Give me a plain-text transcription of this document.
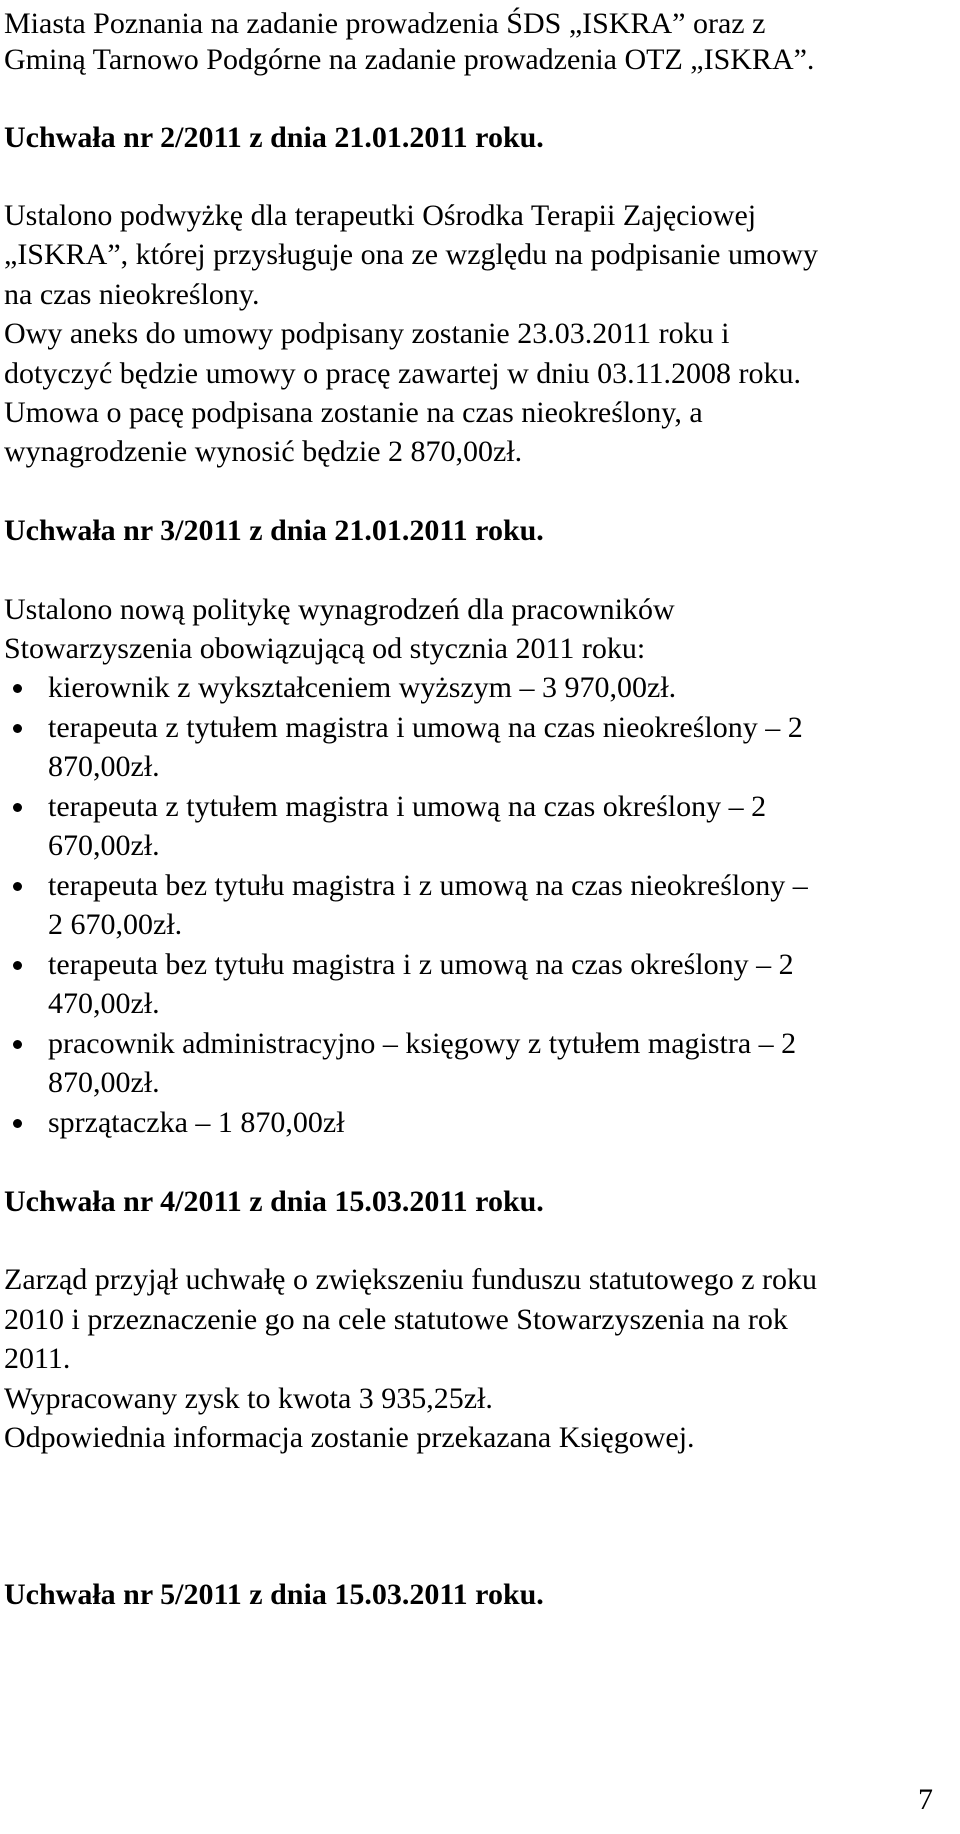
Miasta Poznania na zadanie prowadzenia ŚDS „ISKRA” oraz z

Gminą Tarnowo Podgórne na zadanie prowadzenia OTZ „ISKRA”.

Uchwała nr 2/2011 z dnia 21.01.2011 roku.

Ustalono podwyżkę dla terapeutki Ośrodka Terapii Zajęciowej

„ISKRA”, której przysługuje ona ze względu na podpisanie umowy

na czas nieokreślony.

Owy aneks do umowy podpisany zostanie 23.03.2011 roku i

dotyczyć będzie umowy o pracę zawartej w dniu 03.11.2008 roku.

Umowa o pacę podpisana zostanie na czas nieokreślony, a

wynagrodzenie wynosić będzie 2 870,00zł.

Uchwała nr 3/2011 z dnia 21.01.2011 roku.

Ustalono nową politykę wynagrodzeń dla pracowników

Stowarzyszenia obowiązującą od stycznia 2011 roku:

kierownik z wykształceniem wyższym – 3 970,00zł.

terapeuta z tytułem magistra i umową na czas nieokreślony – 2

870,00zł.

terapeuta z tytułem magistra i umową na czas określony – 2

670,00zł.

terapeuta bez tytułu magistra i z umową na czas nieokreślony –

2 670,00zł.

terapeuta bez tytułu magistra i z umową na czas określony – 2

470,00zł.

pracownik administracyjno – księgowy z tytułem magistra – 2

870,00zł.

sprzątaczka – 1 870,00zł

Uchwała nr 4/2011 z dnia 15.03.2011 roku.

Zarząd przyjął uchwałę o zwiększeniu funduszu statutowego z roku

2010 i przeznaczenie go na cele statutowe Stowarzyszenia na rok

2011.

Wypracowany zysk to kwota 3 935,25zł.

Odpowiednia informacja zostanie przekazana Księgowej.

Uchwała nr 5/2011 z dnia 15.03.2011 roku.

7
